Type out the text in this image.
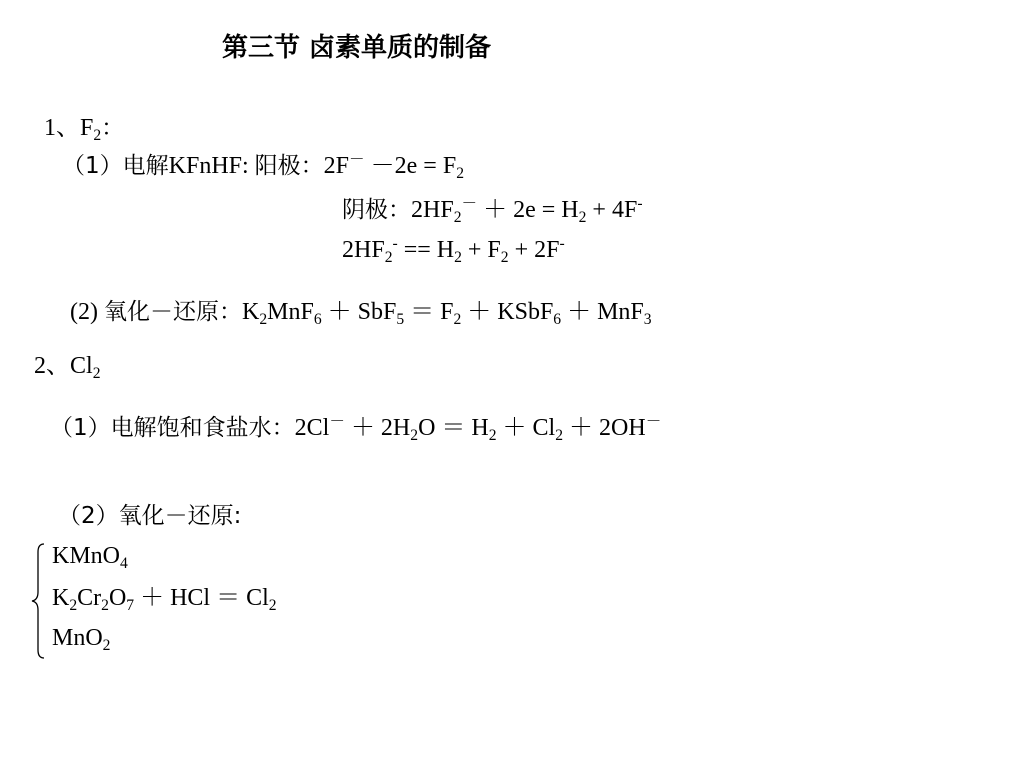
第三节 卤素单质的制备
1、$F_2$：
（1）电解KFnHF: 阳极：$2F^- -2e = F_2$
阴极：$2HF_2^- + 2e = H_2 + 4F^-$
$2HF_2^- == H_2 + F_2 + 2F^-$
(2) 氧化－还原：$K_2MnF_6 + SbF_5 = F_2$ ＋ KSbF$_6$ ＋ MnF$_3$
2、$Cl_2$
（1）电解饱和食盐水：$2Cl^- + 2H_2O = H_2 + Cl_2 + 2OH^-$
（2）氧化－还原:
KMnO$_4$
$K_2Cr_2O_7$ ＋ HCl ＝ $Cl_2$
MnO$_2$
